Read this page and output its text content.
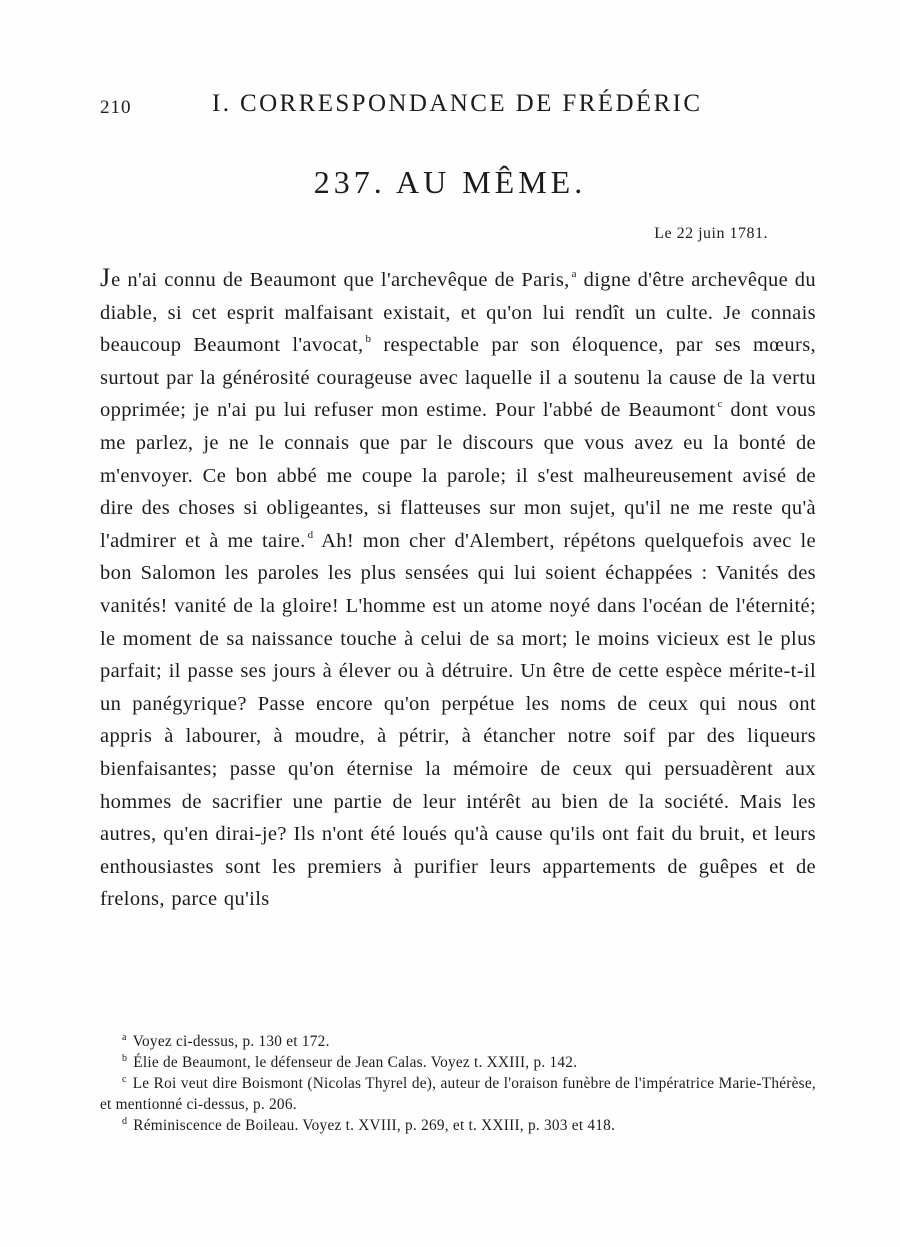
210	I. CORRESPONDANCE DE FRÉDÉRIC
237. AU MÊME.
Le 22 juin 1781.

Je n'ai connu de Beaumont que l'archevêque de Paris, $^a$ digne d'être archevêque du diable, si cet esprit malfaisant existait, et qu'on lui rendît un culte. Je connais beaucoup Beaumont l'avocat, $^b$ respectable par son éloquence, par ses mœurs, surtout par la générosité courageuse avec laquelle il a soutenu la cause de la vertu opprimée; je n'ai pu lui refuser mon estime. Pour l'abbé de Beaumont $^c$ dont vous me parlez, je ne le connais que par le discours que vous avez eu la bonté de m'envoyer. Ce bon abbé me coupe la parole; il s'est malheureusement avisé de dire des choses si obligeantes, si flatteuses sur mon sujet, qu'il ne me reste qu'à l'admirer et à me taire. $^d$ Ah! mon cher d'Alembert, répétons quelquefois avec le bon Salomon les paroles les plus sensées qui lui soient échappées : Vanités des vanités! vanité de la gloire! L'homme est un atome noyé dans l'océan de l'éternité; le moment de sa naissance touche à celui de sa mort; le moins vicieux est le plus parfait; il passe ses jours à élever ou à détruire. Un être de cette espèce mérite-t-il un panégyrique? Passe encore qu'on perpétue les noms de ceux qui nous ont appris à labourer, à moudre, à pétrir, à étancher notre soif par des liqueurs bienfaisantes; passe qu'on éternise la mémoire de ceux qui persuadèrent aux hommes de sacrifier une partie de leur intérêt au bien de la société. Mais les autres, qu'en dirai-je? Ils n'ont été loués qu'à cause qu'ils ont fait du bruit, et leurs enthousiastes sont les premiers à purifier leurs appartements de guêpes et de frelons, parce qu'ils

$^a$ Voyez ci-dessus, p. 130 et 172.
$^b$ Élie de Beaumont, le défenseur de Jean Calas. Voyez t. XXIII, p. 142.
$^c$ Le Roi veut dire Boismont (Nicolas Thyrel de), auteur de l'oraison funèbre de l'impératrice Marie-Thérèse, et mentionné ci-dessus, p. 206.
$^d$ Réminiscence de Boileau. Voyez t. XVIII, p. 269, et t. XXIII, p. 303 et 418.
